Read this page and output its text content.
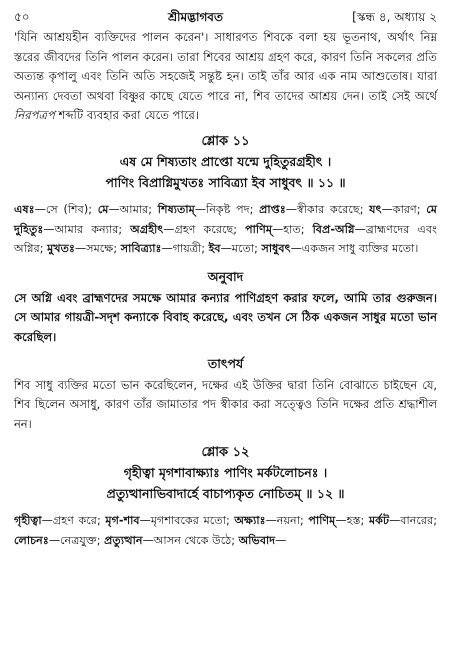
৫০	শ্রীমদ্ভাগবত	[স্কন্ধ ৪, অধ্যায় ২

'যিনি আশ্রয়হীন ব্যক্তিদের পালন করেন'। সাধারণত শিবকে বলা হয় ভূতনাথ, অর্থাৎ নিম্ন স্তরের জীবদের তিনি পালন করেন। তারা শিবের আশ্রয় গ্রহণ করে, কারণ তিনি সকলের প্রতি অত্যন্ত কৃপালু এবং তিনি অতি সহজেই সন্তুষ্ট হন। তাই তাঁর আর এক নাম আশুতোষ। যারা অন্যান্য দেবতা অথবা বিষ্ণুর কাছে যেতে পারে না, শিব তাদের আশ্রয় দেন। তাই সেই অর্থে নিরপত্রপ শব্দটি ব্যবহার করা যেতে পারে।

শ্লোক ১১
এষ মে শিষ্যতাং প্রাপ্তো যন্মে দুহিতুরগ্রহীৎ ।
পাণিং বিপ্রাগ্নিমুখতঃ সাবিত্র্যা ইব সাধুবৎ ॥ ১১ ॥

এষঃ—সে (শিব); মে—আমার; শিষ্যতাম্—নিকৃষ্ট পদ; প্রাপ্তঃ—স্বীকার করেছে; যৎ—কারণ; মে দুহিতুঃ—আমার কন্যার; অগ্রহীৎ—গ্রহণ করেছে; পাণিম্—হাত; বিপ্র-অগ্নি—ব্রাহ্মণদের এবং অগ্নির; মুখতঃ—সমক্ষে; সাবিত্র্যাঃ—গায়ত্রী; ইব—মতো; সাধুবৎ—একজন সাধু ব্যক্তির মতো।

অনুবাদ

সে অগ্নি এবং ব্রাহ্মণদের সমক্ষে আমার কন্যার পাণিগ্রহণ করার ফলে, আমি তার গুরুজন। সে আমার গায়ত্রী-সদৃশ কন্যাকে বিবাহ করেছে, এবং তখন সে ঠিক একজন সাধুর মতো ভান করেছিল।

তাৎপর্য

শিব সাধু ব্যক্তির মতো ভান করেছিলেন, দক্ষের এই উক্তির দ্বারা তিনি বোঝাতে চাইছেন যে, শিব ছিলেন অসাধু, কারণ তাঁর জামাতার পদ স্বীকার করা সত্ত্বেও তিনি দক্ষের প্রতি শ্রদ্ধাশীল নন।

শ্লোক ১২
গৃহীত্বা মৃগশাবাক্ষ্যাঃ পাণিং মর্কটলোচনঃ ।
প্রত্যুত্থানাভিবাদার্হে বাচাপ্যকৃত নোচিতম্ ॥ ১২ ॥

গৃহীত্বা—গ্রহণ করে; মৃগ-শাব—মৃগশাবকের মতো; অক্ষ্যাঃ—নয়না; পাণিম্—হস্ত; মর্কট—বানরের; লোচনঃ—নেত্রযুক্ত; প্রত্যুত্থান—আসন থেকে উঠে; অভিবাদ—
